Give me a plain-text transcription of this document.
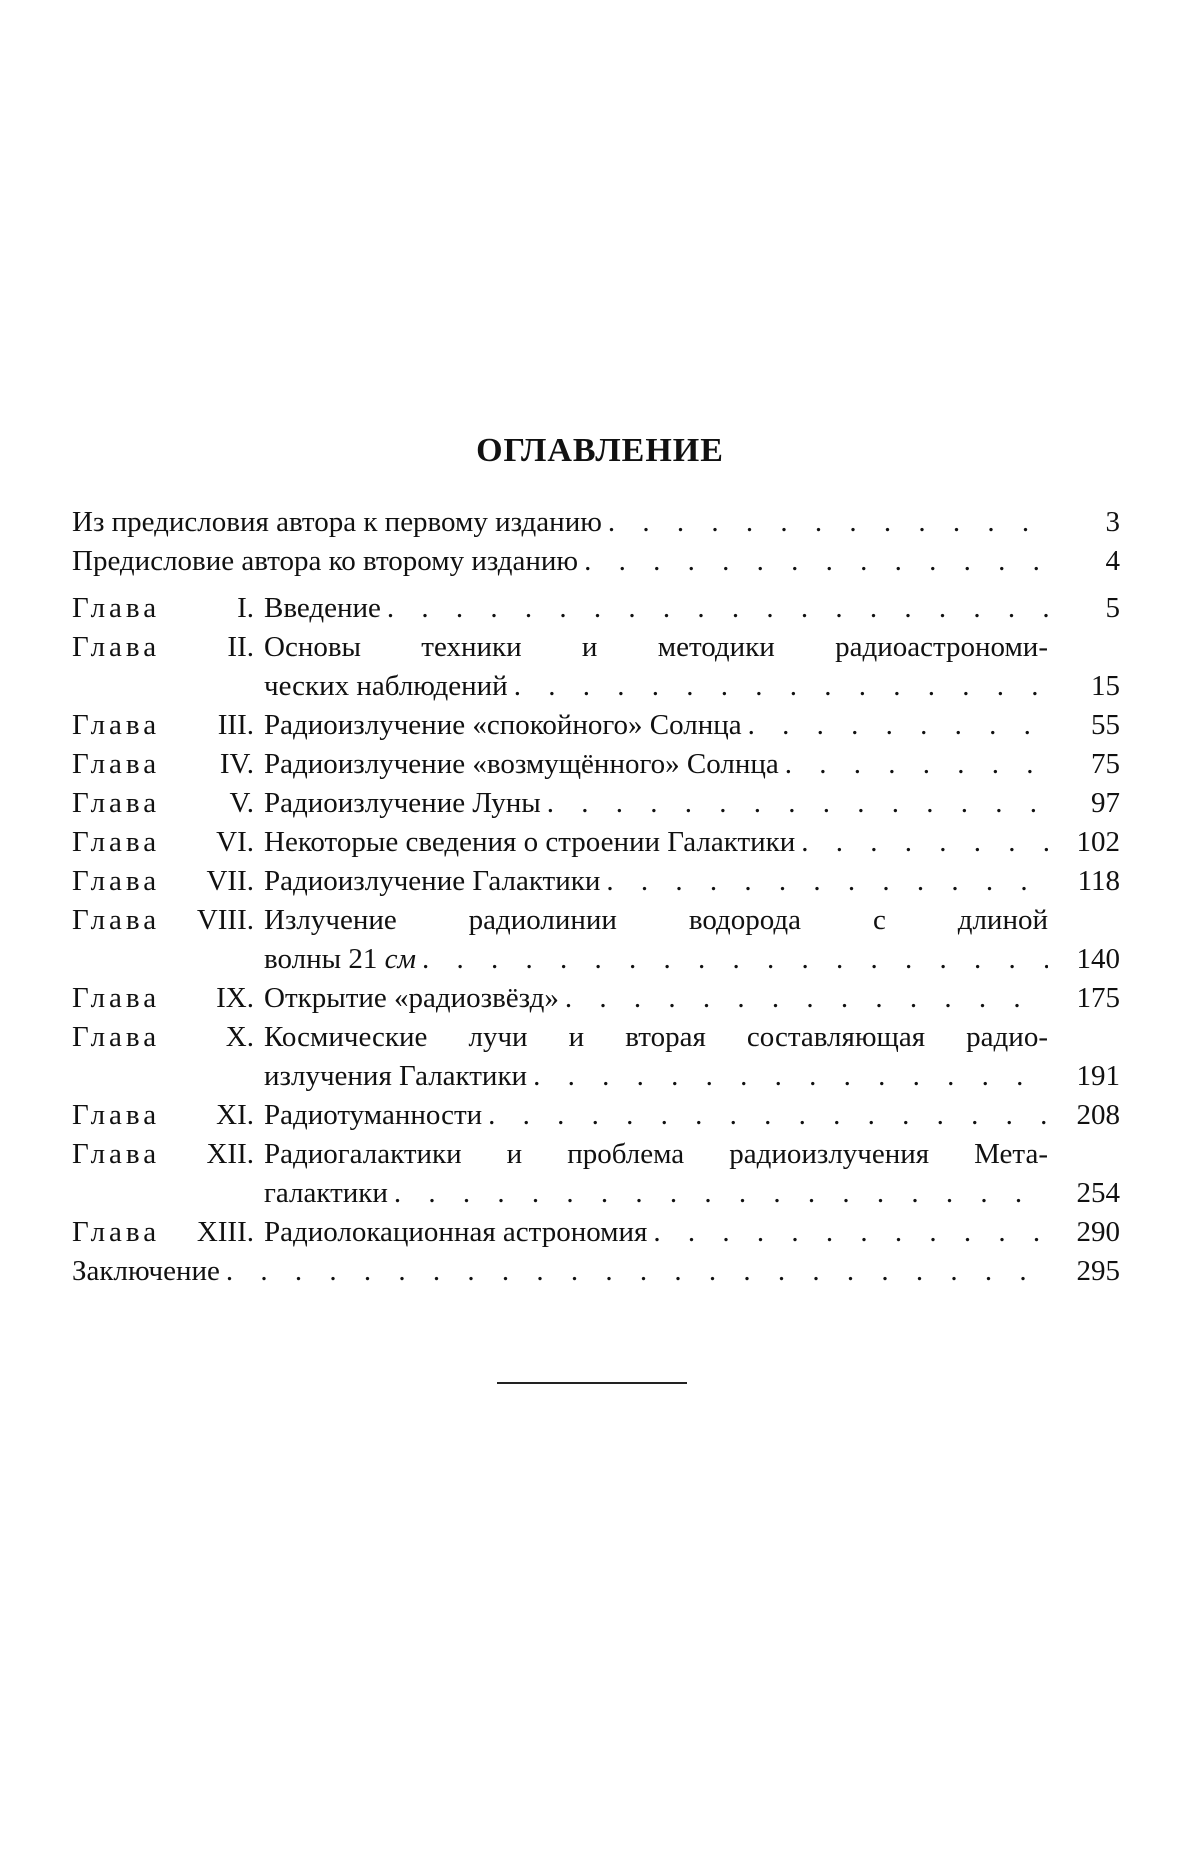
ОГЛАВЛЕНИЕ
Из предисловия автора к первому изданию . . .	3
Предисловие автора ко второму изданию . . .	4
Глава	I. Введение . . .	5
Глава	II. Основы техники и методики радиоастрономи-
ческих наблюдений . . .	15
Глава	III. Радиоизлучение «спокойного» Солнца . . .	55
Глава	IV. Радиоизлучение «возмущённого» Солнца . . .	75
Глава	V. Радиоизлучение Луны . . .	97
Глава	VI. Некоторые сведения о строении Галактики . . .	102
Глава	VII. Радиоизлучение Галактики . . .	118
Глава	VIII. Излучение радиолинии водорода с длиной
волны 21 см . . .	140
Глава	IX. Открытие «радиозвёзд» . . .	175
Глава	X. Космические лучи и вторая составляющая радио-
излучения Галактики . . .	191
Глава	XI. Радиотуманности . . .	208
Глава	XII. Радиогалактики и проблема радиоизлучения Мета-
галактики . . .	254
Глава	XIII. Радиолокационная астрономия . . .	290
Заключение . . .	295
